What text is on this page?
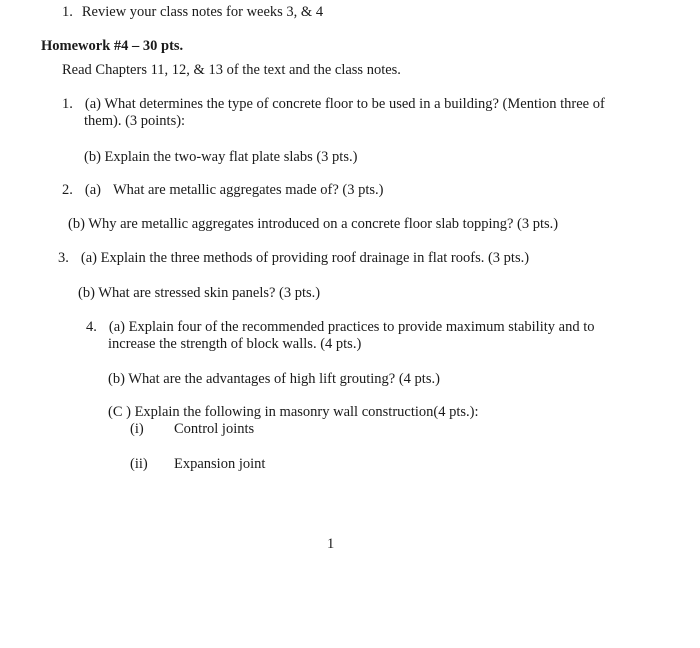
1. Review your class notes for weeks 3, & 4
Homework #4 – 30 pts.
Read Chapters 11, 12, & 13 of the text and the class notes.
1. (a) What determines the type of concrete floor to be used in a building? (Mention three of
them). (3 points):
(b) Explain the two-way flat plate slabs (3 pts.)
2. (a) What are metallic aggregates made of? (3 pts.)
(b) Why are metallic aggregates introduced on a concrete floor slab topping? (3 pts.)
3. (a) Explain the three methods of providing roof drainage in flat roofs. (3 pts.)
(b) What are stressed skin panels? (3 pts.)
4. (a) Explain four of the recommended practices to provide maximum stability and to
increase the strength of block walls. (4 pts.)
(b) What are the advantages of high lift grouting? (4 pts.)
(C ) Explain the following in masonry wall construction(4 pts.):
(i) Control joints
(ii) Expansion joint
1
